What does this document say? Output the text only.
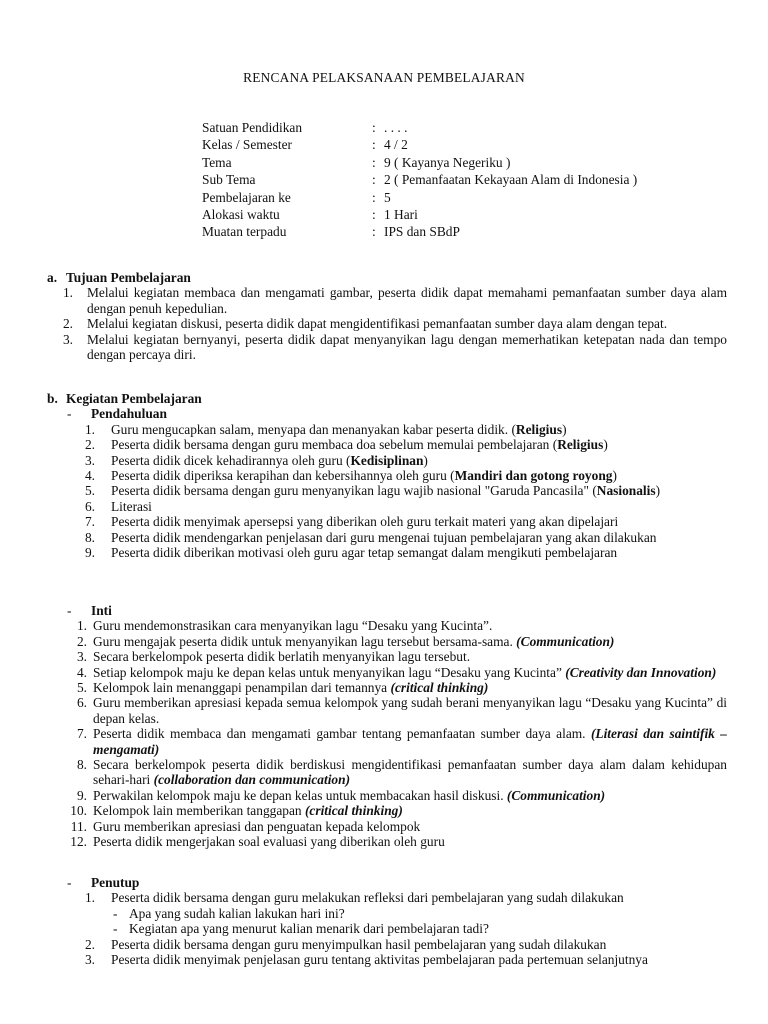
RENCANA PELAKSANAAN PEMBELAJARAN
Satuan Pendidikan	: . . . .
Kelas / Semester	: 4 / 2
Tema	: 9 ( Kayanya Negeriku )
Sub Tema	: 2 ( Pemanfaatan Kekayaan Alam di Indonesia )
Pembelajaran ke	: 5
Alokasi waktu	: 1 Hari
Muatan terpadu	: IPS dan SBdP
a. Tujuan Pembelajaran
1. Melalui kegiatan membaca dan mengamati gambar, peserta didik dapat memahami pemanfaatan sumber daya alam dengan penuh kepedulian.
2. Melalui kegiatan diskusi, peserta didik dapat mengidentifikasi pemanfaatan sumber daya alam dengan tepat.
3. Melalui kegiatan bernyanyi, peserta didik dapat menyanyikan lagu dengan memerhatikan ketepatan nada dan tempo dengan percaya diri.
b. Kegiatan Pembelajaran
-	Pendahuluan
1. Guru mengucapkan salam, menyapa dan menanyakan kabar peserta didik. (Religius)
2. Peserta didik bersama dengan guru membaca doa sebelum memulai pembelajaran (Religius)
3. Peserta didik dicek kehadirannya oleh guru (Kedisiplinan)
4. Peserta didik diperiksa kerapihan dan kebersihannya oleh guru (Mandiri dan gotong royong)
5. Peserta didik bersama dengan guru menyanyikan lagu wajib nasional "Garuda Pancasila" (Nasionalis)
6. Literasi
7. Peserta didik menyimak apersepsi yang diberikan oleh guru terkait materi yang akan dipelajari
8. Peserta didik mendengarkan penjelasan dari guru mengenai tujuan pembelajaran yang akan dilakukan
9. Peserta didik diberikan motivasi oleh guru agar tetap semangat dalam mengikuti pembelajaran
-	Inti
1. Guru mendemonstrasikan cara menyanyikan lagu “Desaku yang Kucinta”.
2. Guru mengajak peserta didik untuk menyanyikan lagu tersebut bersama-sama. (Communication)
3. Secara berkelompok peserta didik berlatih menyanyikan lagu tersebut.
4. Setiap kelompok maju ke depan kelas untuk menyanyikan lagu “Desaku yang Kucinta” (Creativity dan Innovation)
5. Kelompok lain menanggapi penampilan dari temannya (critical thinking)
6. Guru memberikan apresiasi kepada semua kelompok yang sudah berani menyanyikan lagu “Desaku yang Kucinta” di depan kelas.
7. Peserta didik membaca dan mengamati gambar tentang pemanfaatan sumber daya alam. (Literasi dan saintifik – mengamati)
8. Secara berkelompok peserta didik berdiskusi mengidentifikasi pemanfaatan sumber daya alam dalam kehidupan sehari-hari (collaboration dan communication)
9. Perwakilan kelompok maju ke depan kelas untuk membacakan hasil diskusi. (Communication)
10. Kelompok lain memberikan tanggapan (critical thinking)
11. Guru memberikan apresiasi dan penguatan kepada kelompok
12. Peserta didik mengerjakan soal evaluasi yang diberikan oleh guru
-	Penutup
1. Peserta didik bersama dengan guru melakukan refleksi dari pembelajaran yang sudah dilakukan
- Apa yang sudah kalian lakukan hari ini?
- Kegiatan apa yang menurut kalian menarik dari pembelajaran tadi?
2. Peserta didik bersama dengan guru menyimpulkan hasil pembelajaran yang sudah dilakukan
3. Peserta didik menyimak penjelasan guru tentang aktivitas pembelajaran pada pertemuan selanjutnya
